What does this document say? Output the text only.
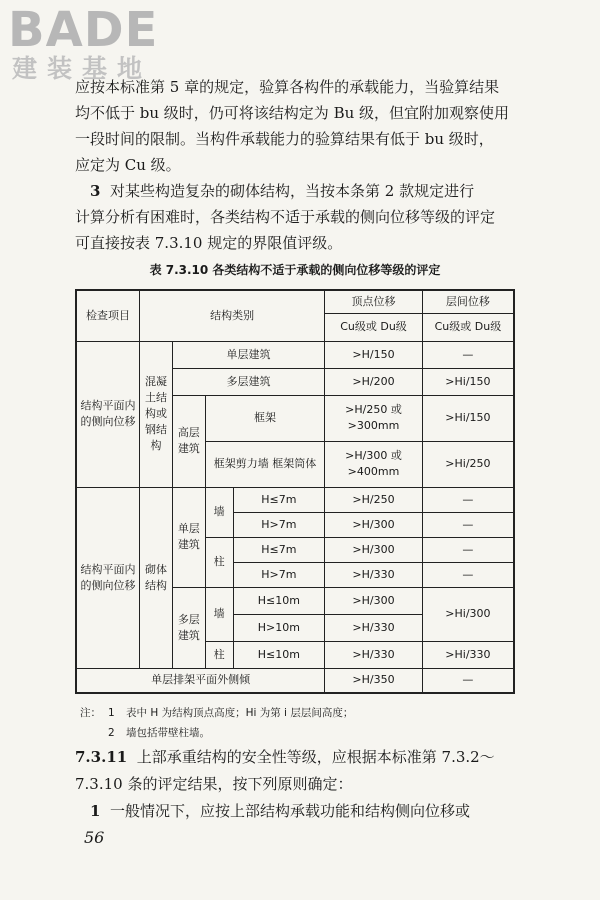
BADE
建装基地
应按本标准第 5 章的规定，验算各构件的承载能力，当验算结果
均不低于 bu 级时，仍可将该结构定为 Bu 级，但宜附加观察使用
一段时间的限制。当构件承载能力的验算结果有低于 bu 级时，
应定为 Cu 级。
 3 对某些构造复杂的砌体结构，当按本条第 2 款规定进行
计算分析有困难时，各类结构不适于承载的侧向位移等级的评定
可直接按表 7.3.10 规定的界限值评级。
表 7.3.10 各类结构不适于承载的侧向位移等级的评定
检查项目	结构类别				顶点位移	层间位移
					Cu级或 Du级	Cu级或 Du级
结构平面内的侧向位移	混凝土结构或钢结构	单层建筑			>H/150	—
		多层建筑			>H/200	>Hi/150
		高层建筑	框架		>H/250 或>300mm	>Hi/150
			框架剪力墙 框架筒体		>H/300 或>400mm	>Hi/250
结构平面内的侧向位移	砌体结构	单层建筑	墙	H≤7m	>H/250	—
				H>7m	>H/300	—
			柱	H≤7m	>H/300	—
				H>7m	>H/330	—
		多层建筑	墙	H≤10m	>H/300	>Hi/300
				H>10m	>H/330	
			柱	H≤10m	>H/330	>Hi/330
单层排架平面外侧倾					>H/350	—
注： 1	表中 H 为结构顶点高度；Hi 为第 i 层层间高度；
2	墙包括带壁柱墙。
7.3.11 上部承重结构的安全性等级，应根据本标准第 7.3.2～
7.3.10 条的评定结果，按下列原则确定：
 1 一般情况下，应按上部结构承载功能和结构侧向位移或
56
